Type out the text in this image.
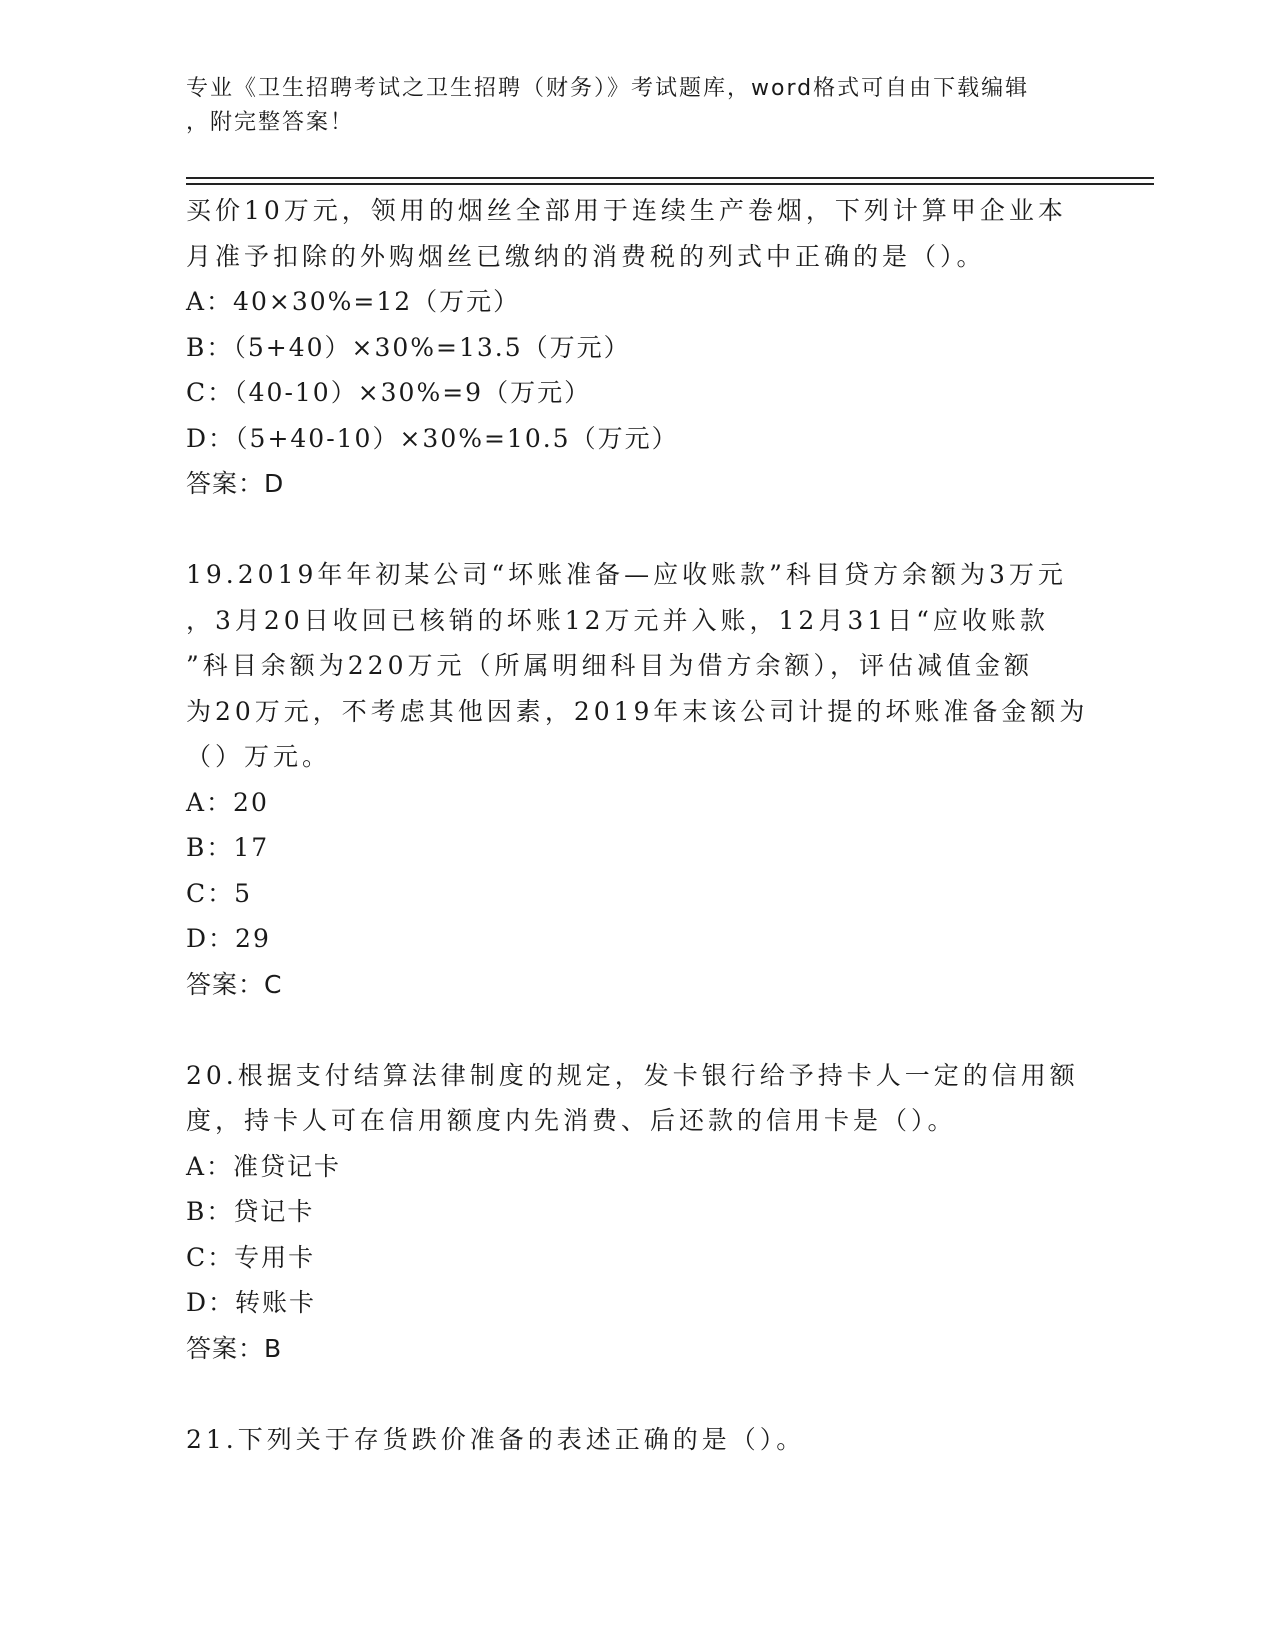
专业《卫生招聘考试之卫生招聘（财务）》考试题库，word格式可自由下载编辑
，附完整答案！

买价10万元，领用的烟丝全部用于连续生产卷烟，下列计算甲企业本

月准予扣除的外购烟丝已缴纳的消费税的列式中正确的是（）。

A：40×30%=12（万元）

B：（5+40）×30%=13.5（万元）

C：（40-10）×30%=9（万元）

D：（5+40-10）×30%=10.5（万元）

答案：D

19.2019年年初某公司“坏账准备—应收账款”科目贷方余额为3万元

，3月20日收回已核销的坏账12万元并入账，12月31日“应收账款

”科目余额为220万元（所属明细科目为借方余额），评估减值金额

为20万元，不考虑其他因素，2019年末该公司计提的坏账准备金额为

（）万元。

A：20

B：17

C：5

D：29

答案：C

20.根据支付结算法律制度的规定，发卡银行给予持卡人一定的信用额

度，持卡人可在信用额度内先消费、后还款的信用卡是（）。

A：准贷记卡

B：贷记卡

C：专用卡

D：转账卡

答案：B

21.下列关于存货跌价准备的表述正确的是（）。
